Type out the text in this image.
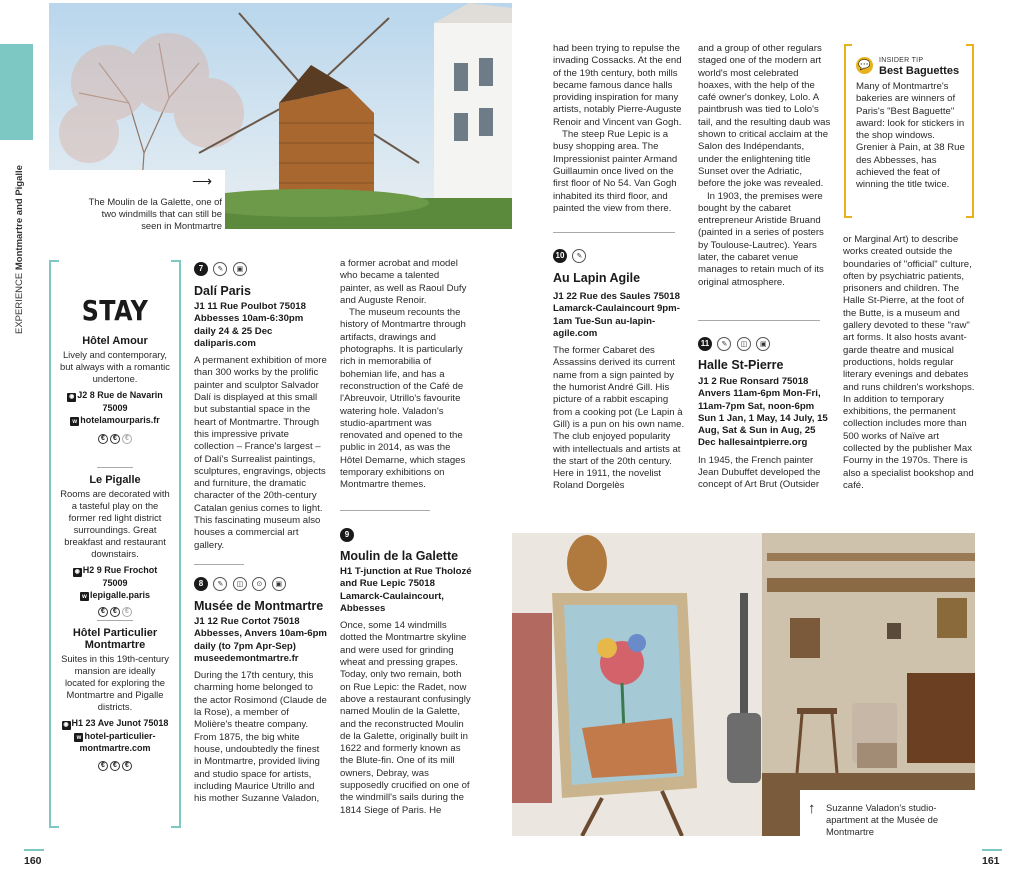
EXPERIENCE Montmartre and Pigalle	⟶
The Moulin de la Galette, one of two windmills that can still be seen in Montmartre
STAY
Hôtel Amour
Lively and contemporary, but always with a romantic undertone.
◉ J2 8 Rue de Navarin 75009
w hotelamourparis.fr
€ € €
Le Pigalle
Rooms are decorated with a tasteful play on the former red light district surroundings. Great breakfast and restaurant downstairs.
◉ H2 9 Rue Frochot 75009
w lepigalle.paris
€ € €
Hôtel Particulier Montmartre
Suites in this 19th-century mansion are ideally located for exploring the Montmartre and Pigalle districts.
◉ H1 23 Ave Junot 75018
w hotel-particulier-montmartre.com
€ € €
7 ✎ ▣
Dalí Paris
J1 11 Rue Poulbot 75018 Abbesses 10am-6:30pm daily 24 & 25 Dec daliparis.com
A permanent exhibition of more than 300 works by the prolific painter and sculptor Salvador Dalí is displayed at this small but substantial space in the heart of Montmartre. Through this impressive private collection – France's largest – of Dalí's Surrealist paintings, sculptures, engravings, objects and furniture, the dramatic character of the 20th-century Catalan genius comes to light. This fascinating museum also houses a commercial art gallery.
8 ✎ ◫ ⊙ ▣
Musée de Montmartre
J1 12 Rue Cortot 75018 Abbesses, Anvers 10am-6pm daily (to 7pm Apr-Sep) museedemontmartre.fr
During the 17th century, this charming home belonged to the actor Rosimond (Claude de la Rose), a member of Molière's theatre company. From 1875, the big white house, undoubtedly the finest in Montmartre, provided living and studio space for artists, including Maurice Utrillo and his mother Suzanne Valadon,

a former acrobat and model who became a talented painter, as well as Raoul Dufy and Auguste Renoir.

The museum recounts the history of Montmartre through artifacts, drawings and photographs. It is particularly rich in memorabilia of bohemian life, and has a reconstruction of the Café de l'Abreuvoir, Utrillo's favourite watering hole. Valadon's studio-apartment was renovated and opened to the public in 2014, as was the Hôtel Demarne, which stages temporary exhibitions on Montmartre themes.

9
Moulin de la Galette
H1 T-junction at Rue Tholozé and Rue Lepic 75018 Lamarck-Caulaincourt, Abbesses
Once, some 14 windmills dotted the Montmartre skyline and were used for grinding wheat and pressing grapes. Today, only two remain, both on Rue Lepic: the Radet, now above a restaurant confusingly named Moulin de la Galette, and the reconstructed Moulin de la Galette, originally built in 1622 and formerly known as the Blute-fin. One of its mill owners, Debray, was supposedly crucified on one of the windmill's sails during the 1814 Siege of Paris. He

had been trying to repulse the invading Cossacks. At the end of the 19th century, both mills became famous dance halls providing inspiration for many artists, notably Pierre-Auguste Renoir and Vincent van Gogh.

The steep Rue Lepic is a busy shopping area. The Impressionist painter Armand Guillaumin once lived on the first floor of No 54. Van Gogh inhabited its third floor, and painted the view from there.

10 ✎
Au Lapin Agile
J1 22 Rue des Saules 75018 Lamarck-Caulaincourt 9pm-1am Tue-Sun au-lapin-agile.com
The former Cabaret des Assassins derived its current name from a sign painted by the humorist André Gill. His picture of a rabbit escaping from a cooking pot (Le Lapin à Gill) is a pun on his own name. The club enjoyed popularity with intellectuals and artists at the start of the 20th century. Here in 1911, the novelist Roland Dorgelès

and a group of other regulars staged one of the modern art world's most celebrated hoaxes, with the help of the café owner's donkey, Lolo. A paintbrush was tied to Lolo's tail, and the resulting daub was shown to critical acclaim at the Salon des Indépendants, under the enlightening title Sunset over the Adriatic, before the joke was revealed.

In 1903, the premises were bought by the cabaret entrepreneur Aristide Bruand (painted in a series of posters by Toulouse-Lautrec). Years later, the cabaret venue manages to retain much of its original atmosphere.

11 ✎ ◫ ▣
Halle St-Pierre
J1 2 Rue Ronsard 75018 Anvers 11am-6pm Mon-Fri, 11am-7pm Sat, noon-6pm Sun 1 Jan, 1 May, 14 July, 15 Aug, Sat & Sun in Aug, 25 Dec hallesaintpierre.org
In 1945, the French painter Jean Dubuffet developed the concept of Art Brut (Outsider
💬	INSIDER TIP
Best Baguettes
Many of Montmartre's bakeries are winners of Paris's "Best Baguette" award: look for stickers in the shop windows. Grenier à Pain, at 38 Rue des Abbesses, has achieved the feat of winning the title twice.
or Marginal Art) to describe works created outside the boundaries of "official" culture, often by psychiatric patients, prisoners and children. The Halle St-Pierre, at the foot of the Butte, is a museum and gallery devoted to these "raw" art forms. It also hosts avant-garde theatre and musical productions, holds regular literary evenings and debates and runs children's workshops. In addition to temporary exhibitions, the permanent collection includes more than 500 works of Naïve art collected by the publisher Max Fourny in the 1970s. There is also a specialist bookshop and café.
↑ Suzanne Valadon's studio-apartment at the Musée de Montmartre
160	161
